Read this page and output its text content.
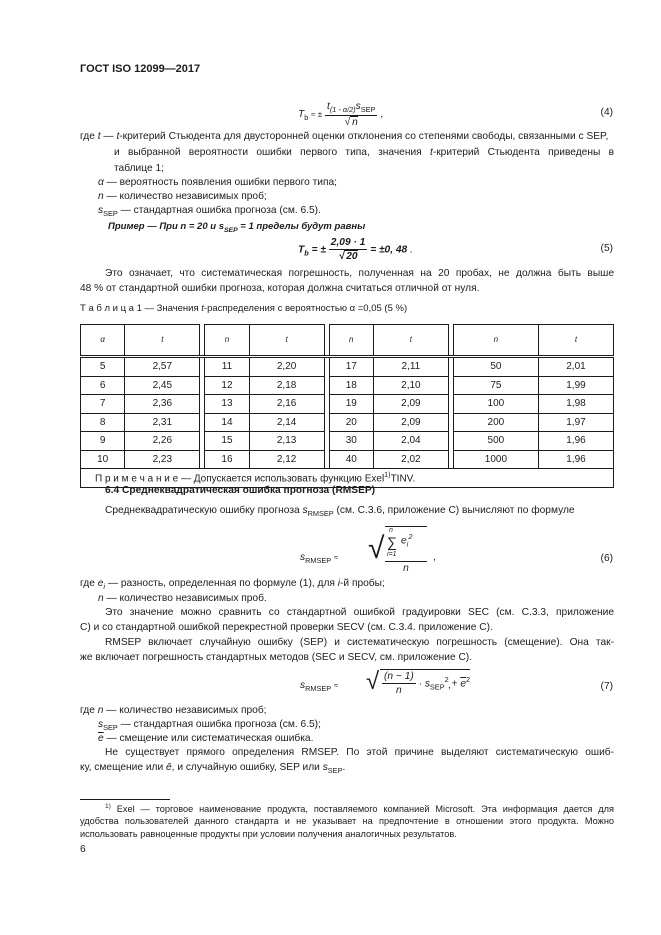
ГОСТ ISO 12099—2017
$T_b$ ≈ ± $\frac{t_{(1 - \alpha/2)}s_{SEP}}{√ n}$ ,	(4)
где t — t-критерий Стьюдента для двусторонней оценки отклонения со степенями свободы, связанными с SEP,
и выбранной вероятности ошибки первого типа, значения t-критерий Стьюдента приведены в
таблице 1;
α — вероятность появления ошибки первого типа;
n — количество независимых проб;
$s_{SEP}$ — стандартная ошибка прогноза (см. 6.5).
Пример — При n = 20 и $s_{SEP} = 1$ пределы будут равны
$T_b$ = ± $\frac{2,09 \cdot 1}{√ 20} = \pm 0$, 48 .	(5)
Это означает, что систематическая погрешность, полученная на 20 пробах, не должна быть выше
48 % от стандартной ошибки прогноза, которая должна считаться отличной от нуля.
Т а б л и ц а 1 — Значения t-распределения с вероятностью α =0,05 (5 %)
α	t		n	t		n	t		n	t
5	2,57		11	2,20		17	2,11		50	2,01
6	2,45		12	2,18		18	2,10		75	1,99
7	2,36		13	2,16		19	2,09		100	1,98
8	2,31		14	2,14		20	2,09		200	1,97
9	2,26		15	2,13		30	2,04		500	1,96
10	2,23		16	2,12		40	2,02		1000	1,96
П р и м е ч а н и е — Допускается использовать функцию Exel$^{1)}$TINV.										
6.4 Среднеквадратическая ошибка прогноза (RMSEP)
Среднеквадратическую ошибку прогноза $s_{RMSEP}$ (см. С.3.6, приложение С) вычисляют по формуле
$s_{RMSEP}$ ≈ √
n
∑ $e_i^2$
i=1
n
,	(6)
где $e_i$ — разность, определенная по формуле (1), для i-й пробы;
n — количество независимых проб.
Это значение можно сравнить со стандартной ошибкой градуировки SEC (см. С.3.3, приложение
С) и со стандартной ошибкой перекрестной проверки SECV (см. С.3.4. приложение С).
RMSEP включает случайную ошибку (SEP) и систематическую погрешность (смещение). Она так-
же включает погрешность стандартных методов (SEC и SECV, см. приложение С).
$s_{RMSEP}$ ≈ √ $\frac{(n - 1)}{n} \cdot s_{SEP}^2 + \overline{e}^2$
,	(7)
где n — количество независимых проб;
$s_{SEP}$ — стандартная ошибка прогноза (см. 6.5);
$\overline{e}$ — смещение или систематическая ошибка.
Не существует прямого определения RMSEP. По этой причине выделяют систематическую ошиб-
ку, смещение или ē, и случайную ошибку, SEP или $s_{SEP}$.
$^{1)}$ Exel — торговое наименование продукта, поставляемого компанией Microsoft. Эта информация дается для
удобства пользователей данного стандарта и не указывает на предпочтение в отношении этого продукта. Можно
использовать равноценные продукты при условии получения аналогичных результатов.
6
